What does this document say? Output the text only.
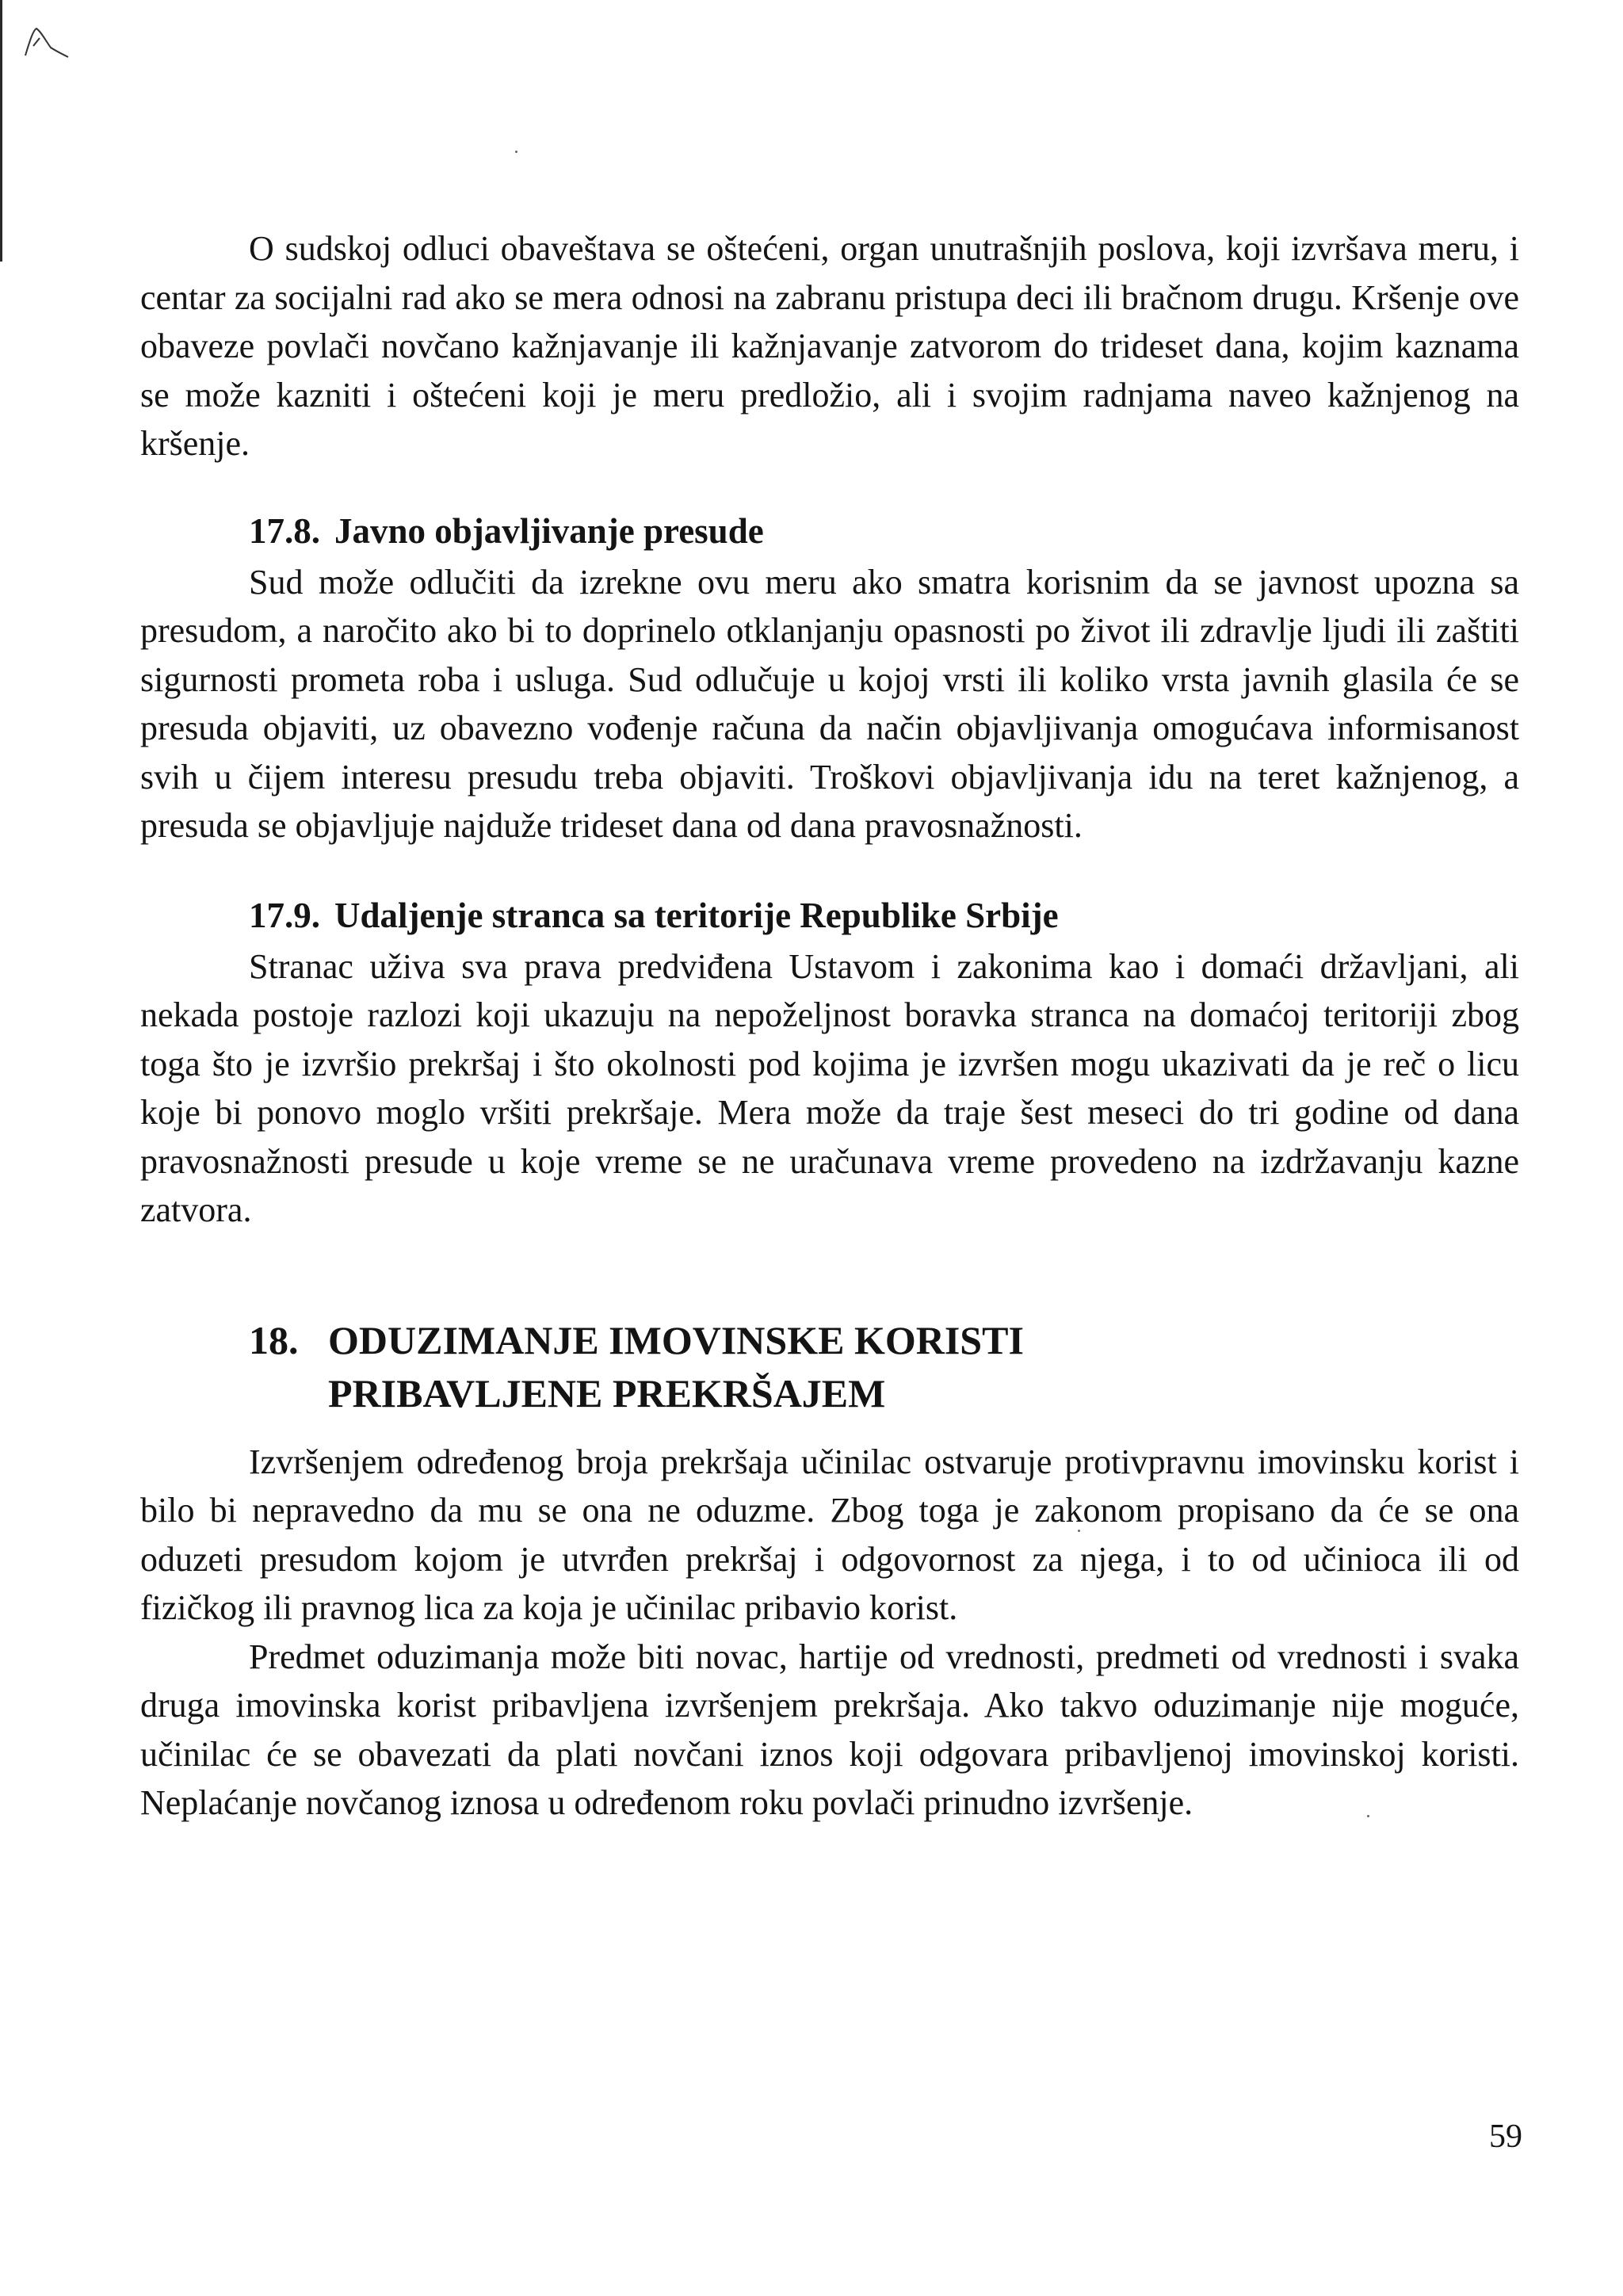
O sudskoj odluci obaveštava se oštećeni, organ unutrašnjih poslova, koji izvršava meru, i centar za socijalni rad ako se mera odnosi na zabranu pristupa deci ili bračnom drugu. Kršenje ove obaveze povlači novčano kažnjavanje ili kažnjavanje zatvorom do trideset dana, kojim kaznama se može kazniti i oštećeni koji je meru predložio, ali i svojim radnjama naveo kažnjenog na kršenje.

17.8. Javno objavljivanje presude

Sud može odlučiti da izrekne ovu meru ako smatra korisnim da se javnost upozna sa presudom, a naročito ako bi to doprinelo otklanjanju opasnosti po život ili zdravlje ljudi ili zaštiti sigurnosti prometa roba i usluga. Sud odlučuje u kojoj vrsti ili koliko vrsta javnih glasila će se presuda objaviti, uz obavezno vođenje računa da način objavljivanja omogućava informisanost svih u čijem interesu presudu treba objaviti. Troškovi objavljivanja idu na teret kažnjenog, a presuda se objavljuje najduže trideset dana od dana pravosnažnosti.

17.9. Udaljenje stranca sa teritorije Republike Srbije

Stranac uživa sva prava predviđena Ustavom i zakonima kao i domaći državljani, ali nekada postoje razlozi koji ukazuju na nepoželjnost boravka stranca na domaćoj teritoriji zbog toga što je izvršio prekršaj i što okolnosti pod kojima je izvršen mogu ukazivati da je reč o licu koje bi ponovo moglo vršiti prekršaje. Mera može da traje šest meseci do tri godine od dana pravosnažnosti presude u koje vreme se ne uračunava vreme provedeno na izdržavanju kazne zatvora.

18. ODUZIMANJE IMOVINSKE KORISTI
PRIBAVLJENE PREKRŠAJEM

Izvršenjem određenog broja prekršaja učinilac ostvaruje protivpravnu imovinsku korist i bilo bi nepravedno da mu se ona ne oduzme. Zbog toga je zakonom propisano da će se ona oduzeti presudom kojom je utvrđen prekršaj i odgovornost za njega, i to od učinioca ili od fizičkog ili pravnog lica za koja je učinilac pribavio korist.

Predmet oduzimanja može biti novac, hartije od vrednosti, predmeti od vrednosti i svaka druga imovinska korist pribavljena izvršenjem prekršaja. Ako takvo oduzimanje nije moguće, učinilac će se obavezati da plati novčani iznos koji odgovara pribavljenoj imovinskoj koristi. Neplaćanje novčanog iznosa u određenom roku povlači prinudno izvršenje.

59
